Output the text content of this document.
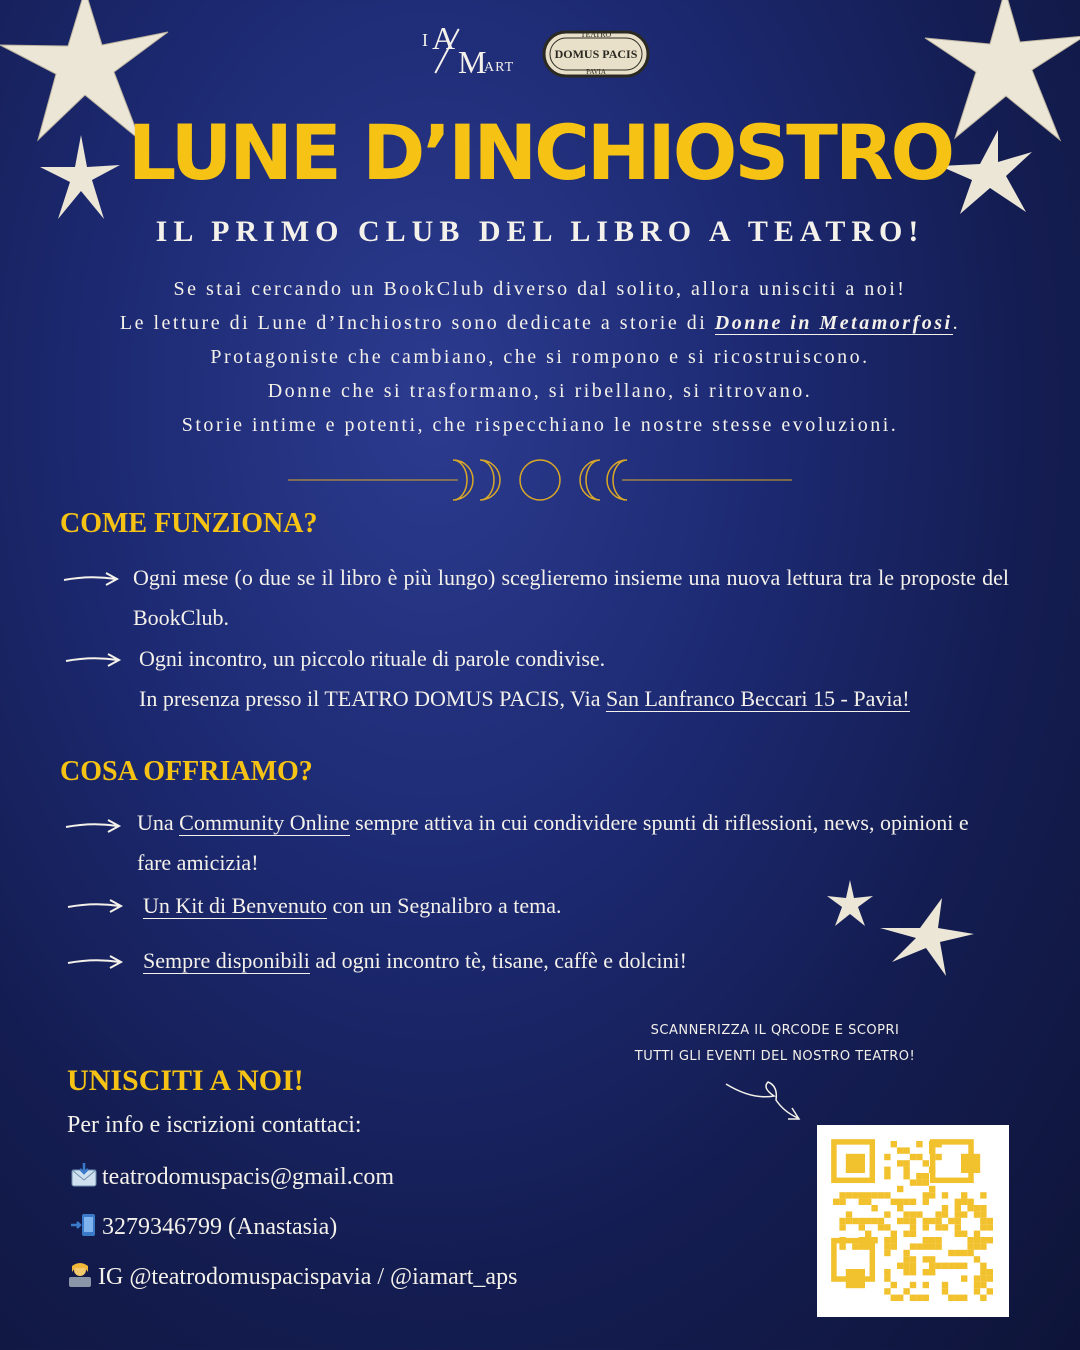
I A
M
ART
TEATRO
DOMUS PACIS
PAVIA
LUNE D’INCHIOSTRO
IL PRIMO CLUB DEL LIBRO A TEATRO!
Se stai cercando un BookClub diverso dal solito, allora unisciti a noi!
Le letture di Lune d’Inchiostro sono dedicate a storie di Donne in Metamorfosi.
Protagoniste che cambiano, che si rompono e si ricostruiscono.
Donne che si trasformano, si ribellano, si ritrovano.
Storie intime e potenti, che rispecchiano le nostre stesse evoluzioni.
COME FUNZIONA?
Ogni mese (o due se il libro è più lungo) sceglieremo insieme una nuova lettura tra le proposte del BookClub.
Ogni incontro, un piccolo rituale di parole condivise.
In presenza presso il TEATRO DOMUS PACIS, Via San Lanfranco Beccari 15 - Pavia!
COSA OFFRIAMO?
Una Community Online sempre attiva in cui condividere spunti di riflessioni, news, opinioni e fare amicizia!
Un Kit di Benvenuto con un Segnalibro a tema.
Sempre disponibili ad ogni incontro tè, tisane, caffè e dolcini!
SCANNERIZZA IL QRCODE E SCOPRI
TUTTI GLI EVENTI DEL NOSTRO TEATRO!
UNISCITI A NOI!
Per info e iscrizioni contattaci:
teatrodomuspacis@gmail.com
3279346799 (Anastasia)
IG @teatrodomuspacispavia / @iamart_aps
